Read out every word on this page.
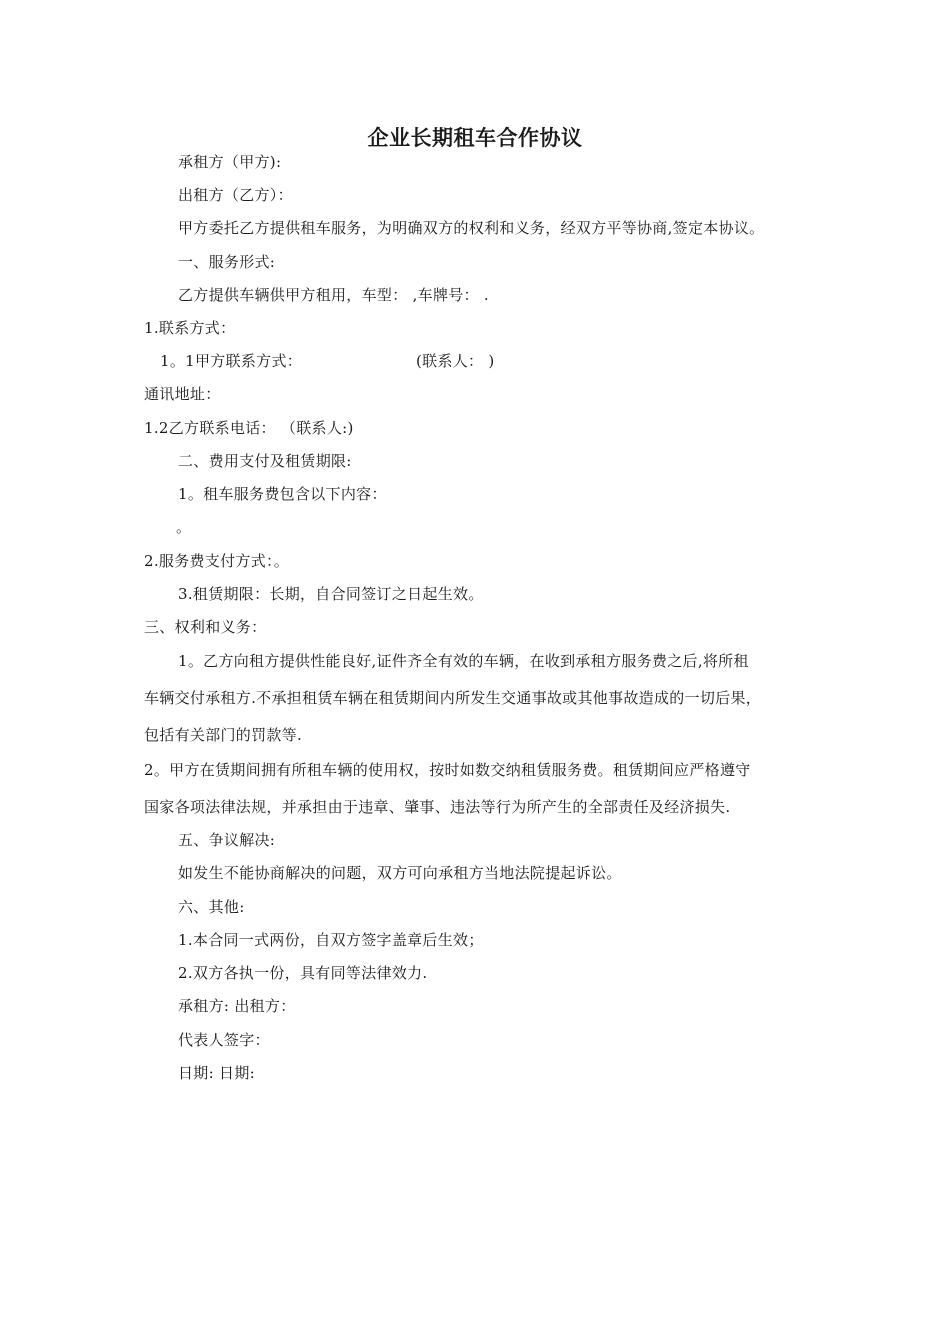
企业长期租车合作协议
承租方（甲方):
出租方（乙方）：
甲方委托乙方提供租车服务，为明确双方的权利和义务，经双方平等协商,签定本协议。
一、服务形式:
乙方提供车辆供甲方租用，车型： ,车牌号： .
1.联系方式：
1。1甲方联系方式：	(联系人： )
通讯地址：
1.2乙方联系电话： （联系人:)
二、费用支付及租赁期限:
1。租车服务费包含以下内容：
。
2.服务费支付方式：。
3.租赁期限：长期，自合同签订之日起生效。
三、权利和义务：
1。乙方向租方提供性能良好,证件齐全有效的车辆，在收到承租方服务费之后,将所租
车辆交付承租方.不承担租赁车辆在租赁期间内所发生交通事故或其他事故造成的一切后果，
包括有关部门的罚款等.
2。甲方在赁期间拥有所租车辆的使用权，按时如数交纳租赁服务费。租赁期间应严格遵守
国家各项法律法规，并承担由于违章、肇事、违法等行为所产生的全部责任及经济损失.
五、争议解决:
如发生不能协商解决的问题，双方可向承租方当地法院提起诉讼。
六、其他:
1.本合同一式两份，自双方签字盖章后生效；
2.双方各执一份，具有同等法律效力.
承租方: 出租方：
代表人签字：
日期: 日期:
